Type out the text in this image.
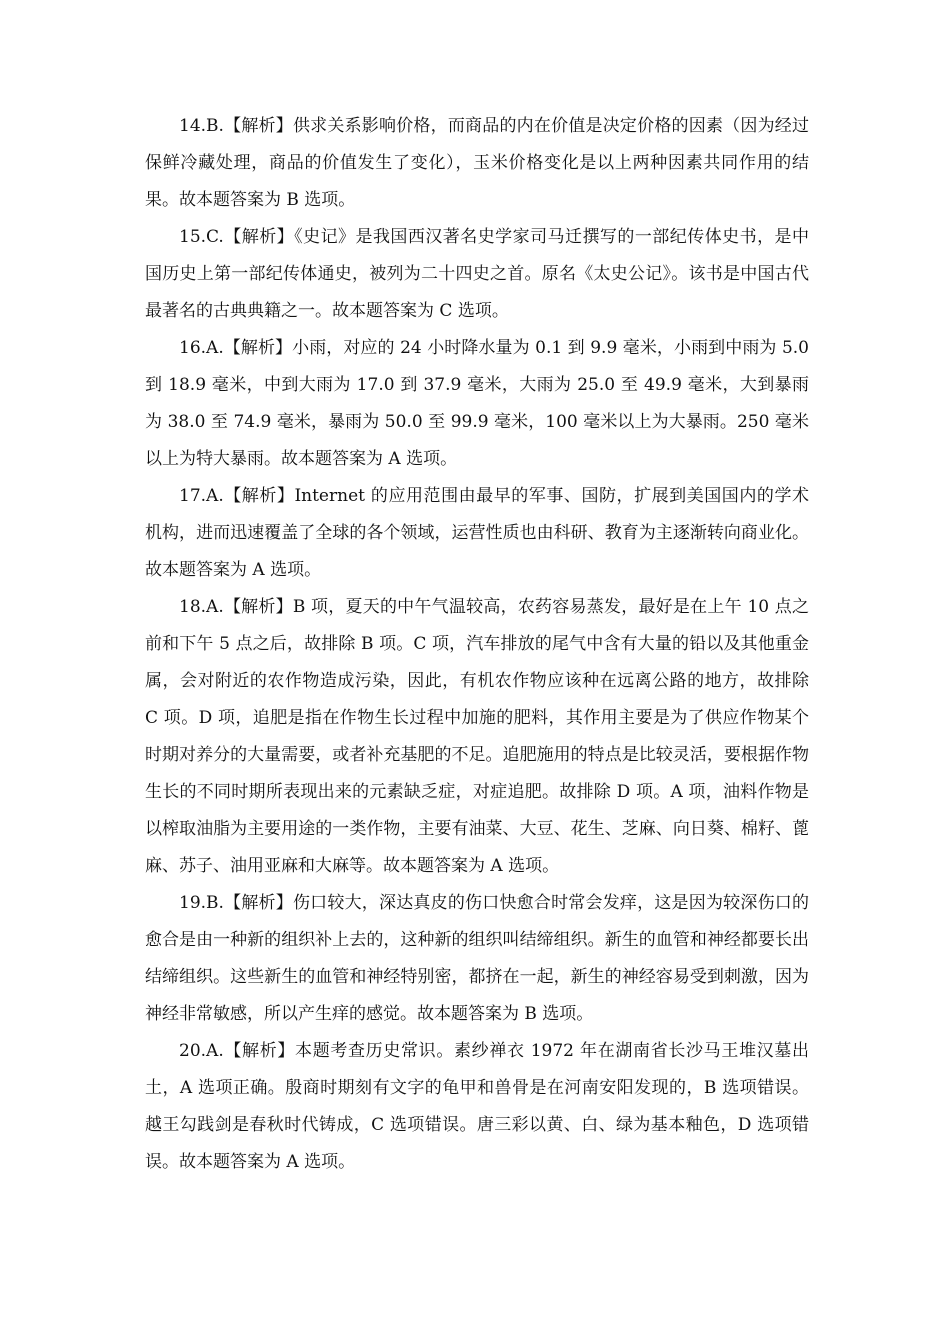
14.B.【解析】供求关系影响价格，而商品的内在价值是决定价格的因素（因为经过保鲜冷藏处理，商品的价值发生了变化），玉米价格变化是以上两种因素共同作用的结果。故本题答案为 B 选项。

15.C.【解析】《史记》是我国西汉著名史学家司马迁撰写的一部纪传体史书，是中国历史上第一部纪传体通史，被列为二十四史之首。原名《太史公记》。该书是中国古代最著名的古典典籍之一。故本题答案为 C 选项。

16.A.【解析】小雨，对应的 24 小时降水量为 0.1 到 9.9 毫米，小雨到中雨为 5.0 到 18.9 毫米，中到大雨为 17.0 到 37.9 毫米，大雨为 25.0 至 49.9 毫米，大到暴雨为 38.0 至 74.9 毫米，暴雨为 50.0 至 99.9 毫米，100 毫米以上为大暴雨。250 毫米以上为特大暴雨。故本题答案为 A 选项。

17.A.【解析】Internet 的应用范围由最早的军事、国防，扩展到美国国内的学术机构，进而迅速覆盖了全球的各个领域，运营性质也由科研、教育为主逐渐转向商业化。故本题答案为 A 选项。

18.A.【解析】B 项，夏天的中午气温较高，农药容易蒸发，最好是在上午 10 点之前和下午 5 点之后，故排除 B 项。C 项，汽车排放的尾气中含有大量的铅以及其他重金属，会对附近的农作物造成污染，因此，有机农作物应该种在远离公路的地方，故排除 C 项。D 项，追肥是指在作物生长过程中加施的肥料，其作用主要是为了供应作物某个时期对养分的大量需要，或者补充基肥的不足。追肥施用的特点是比较灵活，要根据作物生长的不同时期所表现出来的元素缺乏症，对症追肥。故排除 D 项。A 项，油料作物是以榨取油脂为主要用途的一类作物，主要有油菜、大豆、花生、芝麻、向日葵、棉籽、蓖麻、苏子、油用亚麻和大麻等。故本题答案为 A 选项。

19.B.【解析】伤口较大，深达真皮的伤口快愈合时常会发痒，这是因为较深伤口的愈合是由一种新的组织补上去的，这种新的组织叫结缔组织。新生的血管和神经都要长出结缔组织。这些新生的血管和神经特别密，都挤在一起，新生的神经容易受到刺激，因为神经非常敏感，所以产生痒的感觉。故本题答案为 B 选项。

20.A.【解析】本题考查历史常识。素纱禅衣 1972 年在湖南省长沙马王堆汉墓出土，A 选项正确。殷商时期刻有文字的龟甲和兽骨是在河南安阳发现的，B 选项错误。越王勾践剑是春秋时代铸成，C 选项错误。唐三彩以黄、白、绿为基本釉色，D 选项错误。故本题答案为 A 选项。
